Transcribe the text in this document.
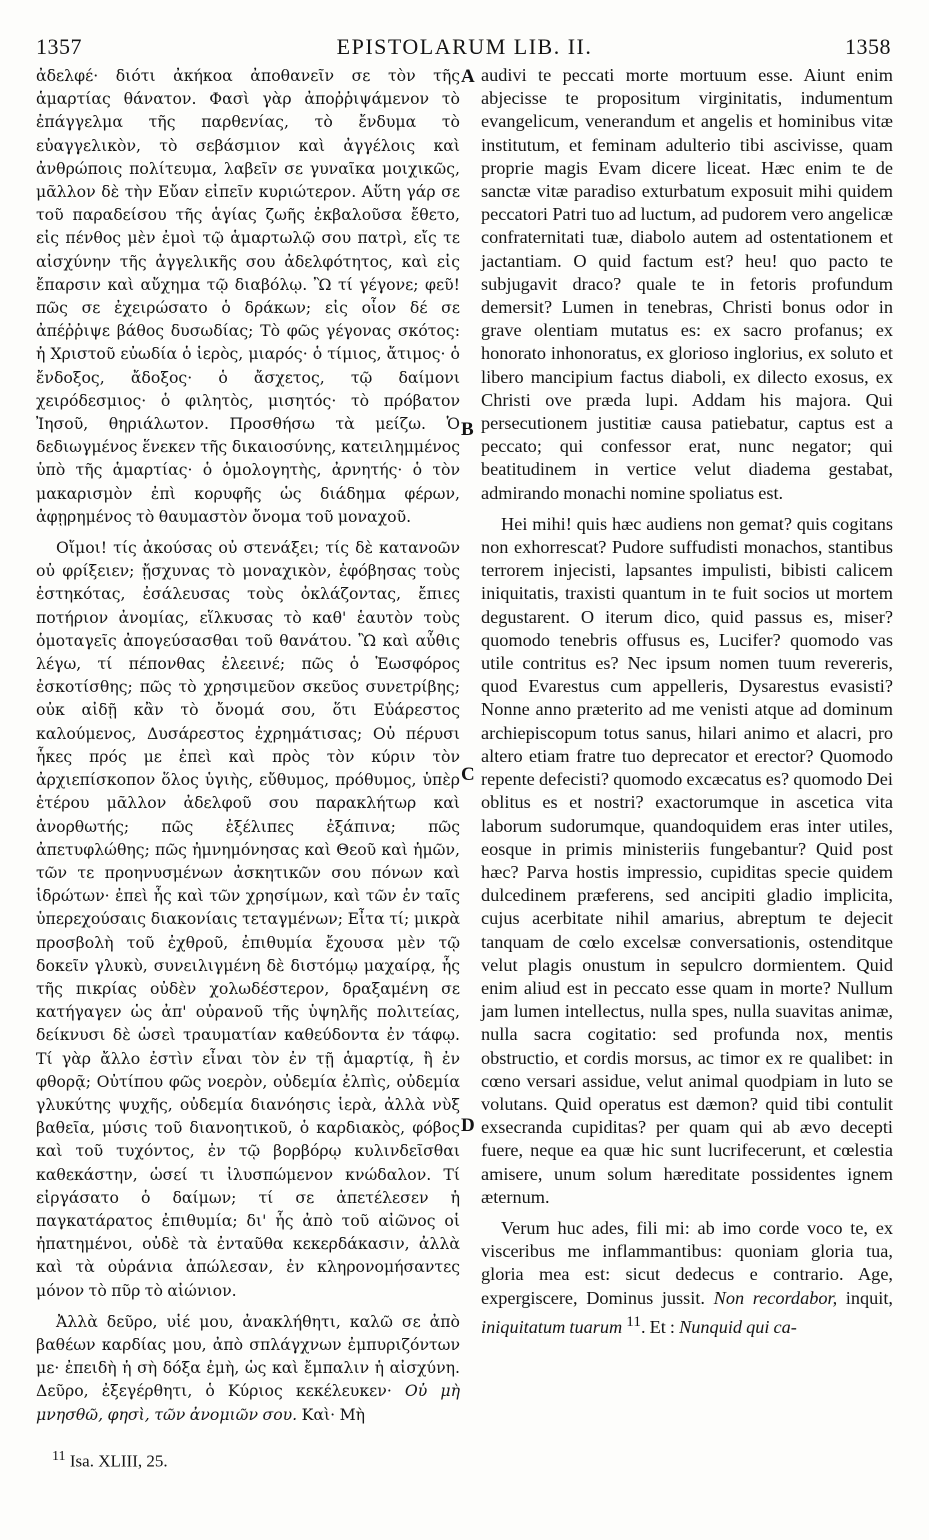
1357	EPISTOLARUM LIB. II.	1358

ἀδελφέ· διότι ἀκήκοα ἀποθανεῖν σε τὸν τῆς ἁμαρτίας θάνατον. Φασὶ γὰρ ἀποῤῥιψάμενον τὸ ἐπάγγελμα τῆς παρθενίας, τὸ ἔνδυμα τὸ εὐαγγελικὸν, τὸ σεβάσμιον καὶ ἀγγέλοις καὶ ἀνθρώποις πολίτευμα, λαβεῖν σε γυναῖκα μοιχικῶς, μᾶλλον δὲ τὴν Εὔαν εἰπεῖν κυριώτερον. Αὕτη γάρ σε τοῦ παραδείσου τῆς ἁγίας ζωῆς ἐκβαλοῦσα ἔθετο, εἰς πένθος μὲν ἐμοὶ τῷ ἁμαρτωλῷ σου πατρὶ, εἴς τε αἰσχύνην τῆς ἀγγελικῆς σου ἀδελφότητος, καὶ εἰς ἔπαρσιν καὶ αὔχημα τῷ διαβόλῳ. Ὢ τί γέγονε; φεῦ! πῶς σε ἐχειρώσατο ὁ δράκων; εἰς οἷον δέ σε ἀπέῤῥιψε βάθος δυσωδίας; Τὸ φῶς γέγονας σκότος: ἡ Χριστοῦ εὐωδία ὁ ἱερὸς, μιαρός· ὁ τίμιος, ἄτιμος· ὁ ἔνδοξος, ἄδοξος· ὁ ἄσχετος, τῷ δαίμονι χειρόδεσμιος· ὁ φιλητὸς, μισητός· τὸ πρόβατον Ἰησοῦ, θηριάλωτον. Προσθήσω τὰ μείζω. Ὁ δεδιωγμένος ἕνεκεν τῆς δικαιοσύνης, κατειλημμένος ὑπὸ τῆς ἁμαρτίας· ὁ ὁμολογητὴς, ἀρνητής· ὁ τὸν μακαρισμὸν ἐπὶ κορυφῆς ὡς διάδημα φέρων, ἀφῃρημένος τὸ θαυμαστὸν ὄνομα τοῦ μοναχοῦ.

Οἴμοι! τίς ἀκούσας οὐ στενάξει; τίς δὲ κατανοῶν οὐ φρίξειεν; ᾔσχυνας τὸ μοναχικὸν, ἐφόβησας τοὺς ἑστηκότας, ἐσάλευσας τοὺς ὀκλάζοντας, ἔπιες ποτήριον ἀνομίας, εἵλκυσας τὸ καθ' ἑαυτὸν τοὺς ὁμοταγεῖς ἀπογεύσασθαι τοῦ θανάτου. Ὢ καὶ αὖθις λέγω, τί πέπονθας ἐλεεινέ; πῶς ὁ Ἑωσφόρος ἐσκοτίσθης; πῶς τὸ χρησιμεῦον σκεῦος συνετρίβης; οὐκ αἰδῇ κἂν τὸ ὄνομά σου, ὅτι Εὐάρεστος καλούμενος, Δυσάρεστος ἐχρημάτισας; Οὐ πέρυσι ἧκες πρός με ἐπεὶ καὶ πρὸς τὸν κύριν τὸν ἀρχιεπίσκοπον ὅλος ὑγιὴς, εὔθυμος, πρόθυμος, ὑπὲρ ἑτέρου μᾶλλον ἀδελφοῦ σου παρακλήτωρ καὶ ἀνορθωτής; πῶς ἐξέλιπες ἐξάπινα; πῶς ἀπετυφλώθης; πῶς ἠμνημόνησας καὶ Θεοῦ καὶ ἡμῶν, τῶν τε προηνυσμένων ἀσκητικῶν σου πόνων καὶ ἱδρώτων· ἐπεὶ ἧς καὶ τῶν χρησίμων, καὶ τῶν ἐν ταῖς ὑπερεχούσαις διακονίαις τεταγμένων; Εἶτα τί; μικρὰ προσβολὴ τοῦ ἐχθροῦ, ἐπιθυμία ἔχουσα μὲν τῷ δοκεῖν γλυκὺ, συνειλιγμένη δὲ διστόμῳ μαχαίρᾳ, ἧς τῆς πικρίας οὐδὲν χολωδέστερον, δραξαμένη σε κατήγαγεν ὡς ἀπ' οὐρανοῦ τῆς ὑψηλῆς πολιτείας, δείκνυσι δὲ ὡσεὶ τραυματίαν καθεύδοντα ἐν τάφῳ. Τί γὰρ ἄλλο ἐστὶν εἶναι τὸν ἐν τῇ ἁμαρτίᾳ, ἢ ἐν φθορᾷ; Οὐτίπου φῶς νοερὸν, οὐδεμία ἐλπὶς, οὐδεμία γλυκύτης ψυχῆς, οὐδεμία διανόησις ἱερὰ, ἀλλὰ νὺξ βαθεῖα, μύσις τοῦ διανοητικοῦ, ὁ καρδιακὸς, φόβος καὶ τοῦ τυχόντος, ἐν τῷ βορβόρῳ κυλινδεῖσθαι καθεκάστην, ὡσεί τι ἰλυσπώμενον κνώδαλον. Τί εἰργάσατο ὁ δαίμων; τί σε ἀπετέλεσεν ἡ παγκατάρατος ἐπιθυμία; δι' ἧς ἀπὸ τοῦ αἰῶνος οἱ ἠπατημένοι, οὐδὲ τὰ ἐνταῦθα κεκερδάκασιν, ἀλλὰ καὶ τὰ οὐράνια ἀπώλεσαν, ἐν κληρονομήσαντες μόνον τὸ πῦρ τὸ αἰώνιον.

Ἀλλὰ δεῦρο, υἱέ μου, ἀνακλήθητι, καλῶ σε ἀπὸ βαθέων καρδίας μου, ἀπὸ σπλάγχνων ἐμπυριζόντων με· ἐπειδὴ ἡ σὴ δόξα ἐμὴ, ὡς καὶ ἔμπαλιν ἡ αἰσχύνη. Δεῦρο, ἐξεγέρθητι, ὁ Κύριος κεκέλευκεν· Οὐ μὴ μνησθῶ, φησὶ, τῶν ἀνομιῶν σου. Καὶ· Μὴ

A
B
C
D

audivi te peccati morte mortuum esse. Aiunt enim abjecisse te propositum virginitatis, indumentum evangelicum, venerandum et angelis et hominibus vitæ institutum, et feminam adulterio tibi ascivisse, quam proprie magis Evam dicere liceat. Hæc enim te de sanctæ vitæ paradiso exturbatum exposuit mihi quidem peccatori Patri tuo ad luctum, ad pudorem vero angelicæ confraternitati tuæ, diabolo autem ad ostentationem et jactantiam. O quid factum est? heu! quo pacto te subjugavit draco? quale te in fetoris profundum demersit? Lumen in tenebras, Christi bonus odor in grave olentiam mutatus es: ex sacro profanus; ex honorato inhonoratus, ex glorioso inglorius, ex soluto et libero mancipium factus diaboli, ex dilecto exosus, ex Christi ove præda lupi. Addam his majora. Qui persecutionem justitiæ causa patiebatur, captus est a peccato; qui confessor erat, nunc negator; qui beatitudinem in vertice velut diadema gestabat, admirando monachi nomine spoliatus est.

Hei mihi! quis hæc audiens non gemat? quis cogitans non exhorrescat? Pudore suffudisti monachos, stantibus terrorem injecisti, lapsantes impulisti, bibisti calicem iniquitatis, traxisti quantum in te fuit socios ut mortem degustarent. O iterum dico, quid passus es, miser? quomodo tenebris offusus es, Lucifer? quomodo vas utile contritus es? Nec ipsum nomen tuum revereris, quod Evarestus cum appelleris, Dysarestus evasisti? Nonne anno præterito ad me venisti atque ad dominum archiepiscopum totus sanus, hilari animo et alacri, pro altero etiam fratre tuo deprecator et erector? Quomodo repente defecisti? quomodo excæcatus es? quomodo Dei oblitus es et nostri? exactorumque in ascetica vita laborum sudorumque, quandoquidem eras inter utiles, eosque in primis ministeriis fungebantur? Quid post hæc? Parva hostis impressio, cupiditas specie quidem dulcedinem præferens, sed ancipiti gladio implicita, cujus acerbitate nihil amarius, abreptum te dejecit tanquam de cœlo excelsæ conversationis, ostenditque velut plagis onustum in sepulcro dormientem. Quid enim aliud est in peccato esse quam in morte? Nullum jam lumen intellectus, nulla spes, nulla suavitas animæ, nulla sacra cogitatio: sed profunda nox, mentis obstructio, et cordis morsus, ac timor ex re qualibet: in cœno versari assidue, velut animal quodpiam in luto se volutans. Quid operatus est dæmon? quid tibi contulit exsecranda cupiditas? per quam qui ab ævo decepti fuere, neque ea quæ hic sunt lucrifecerunt, et cœlestia amisere, unum solum hæreditate possidentes ignem æternum.

Verum huc ades, fili mi: ab imo corde voco te, ex visceribus me inflammantibus: quoniam gloria tua, gloria mea est: sicut dedecus e contrario. Age, expergiscere, Dominus jussit. Non recordabor, inquit, iniquitatum tuarum $^{11}$. Et : Nunquid qui ca-

$^{11}$ Isa. XLIII, 25.
